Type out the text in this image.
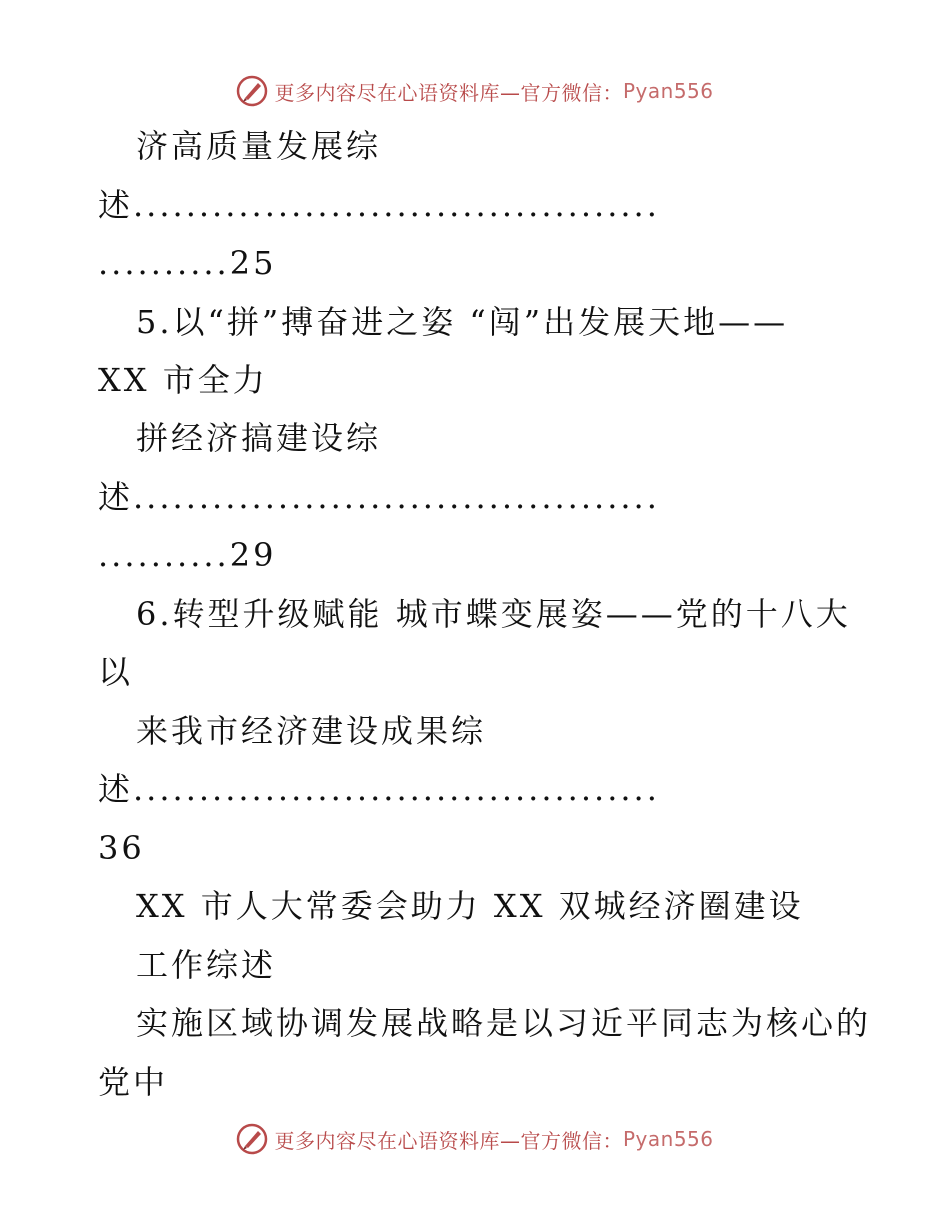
更多内容尽在心语资料库—官方微信： Pyan556
济高质量发展综
述........................................
..........25
5.以“拼”搏奋进之姿 “闯”出发展天地——
XX 市全力
拼经济搞建设综
述........................................
..........29
6.转型升级赋能 城市蝶变展姿——党的十八大
以
来我市经济建设成果综
述........................................
36
XX 市人大常委会助力 XX 双城经济圈建设
工作综述
实施区域协调发展战略是以习近平同志为核心的
党中
更多内容尽在心语资料库—官方微信： Pyan556
